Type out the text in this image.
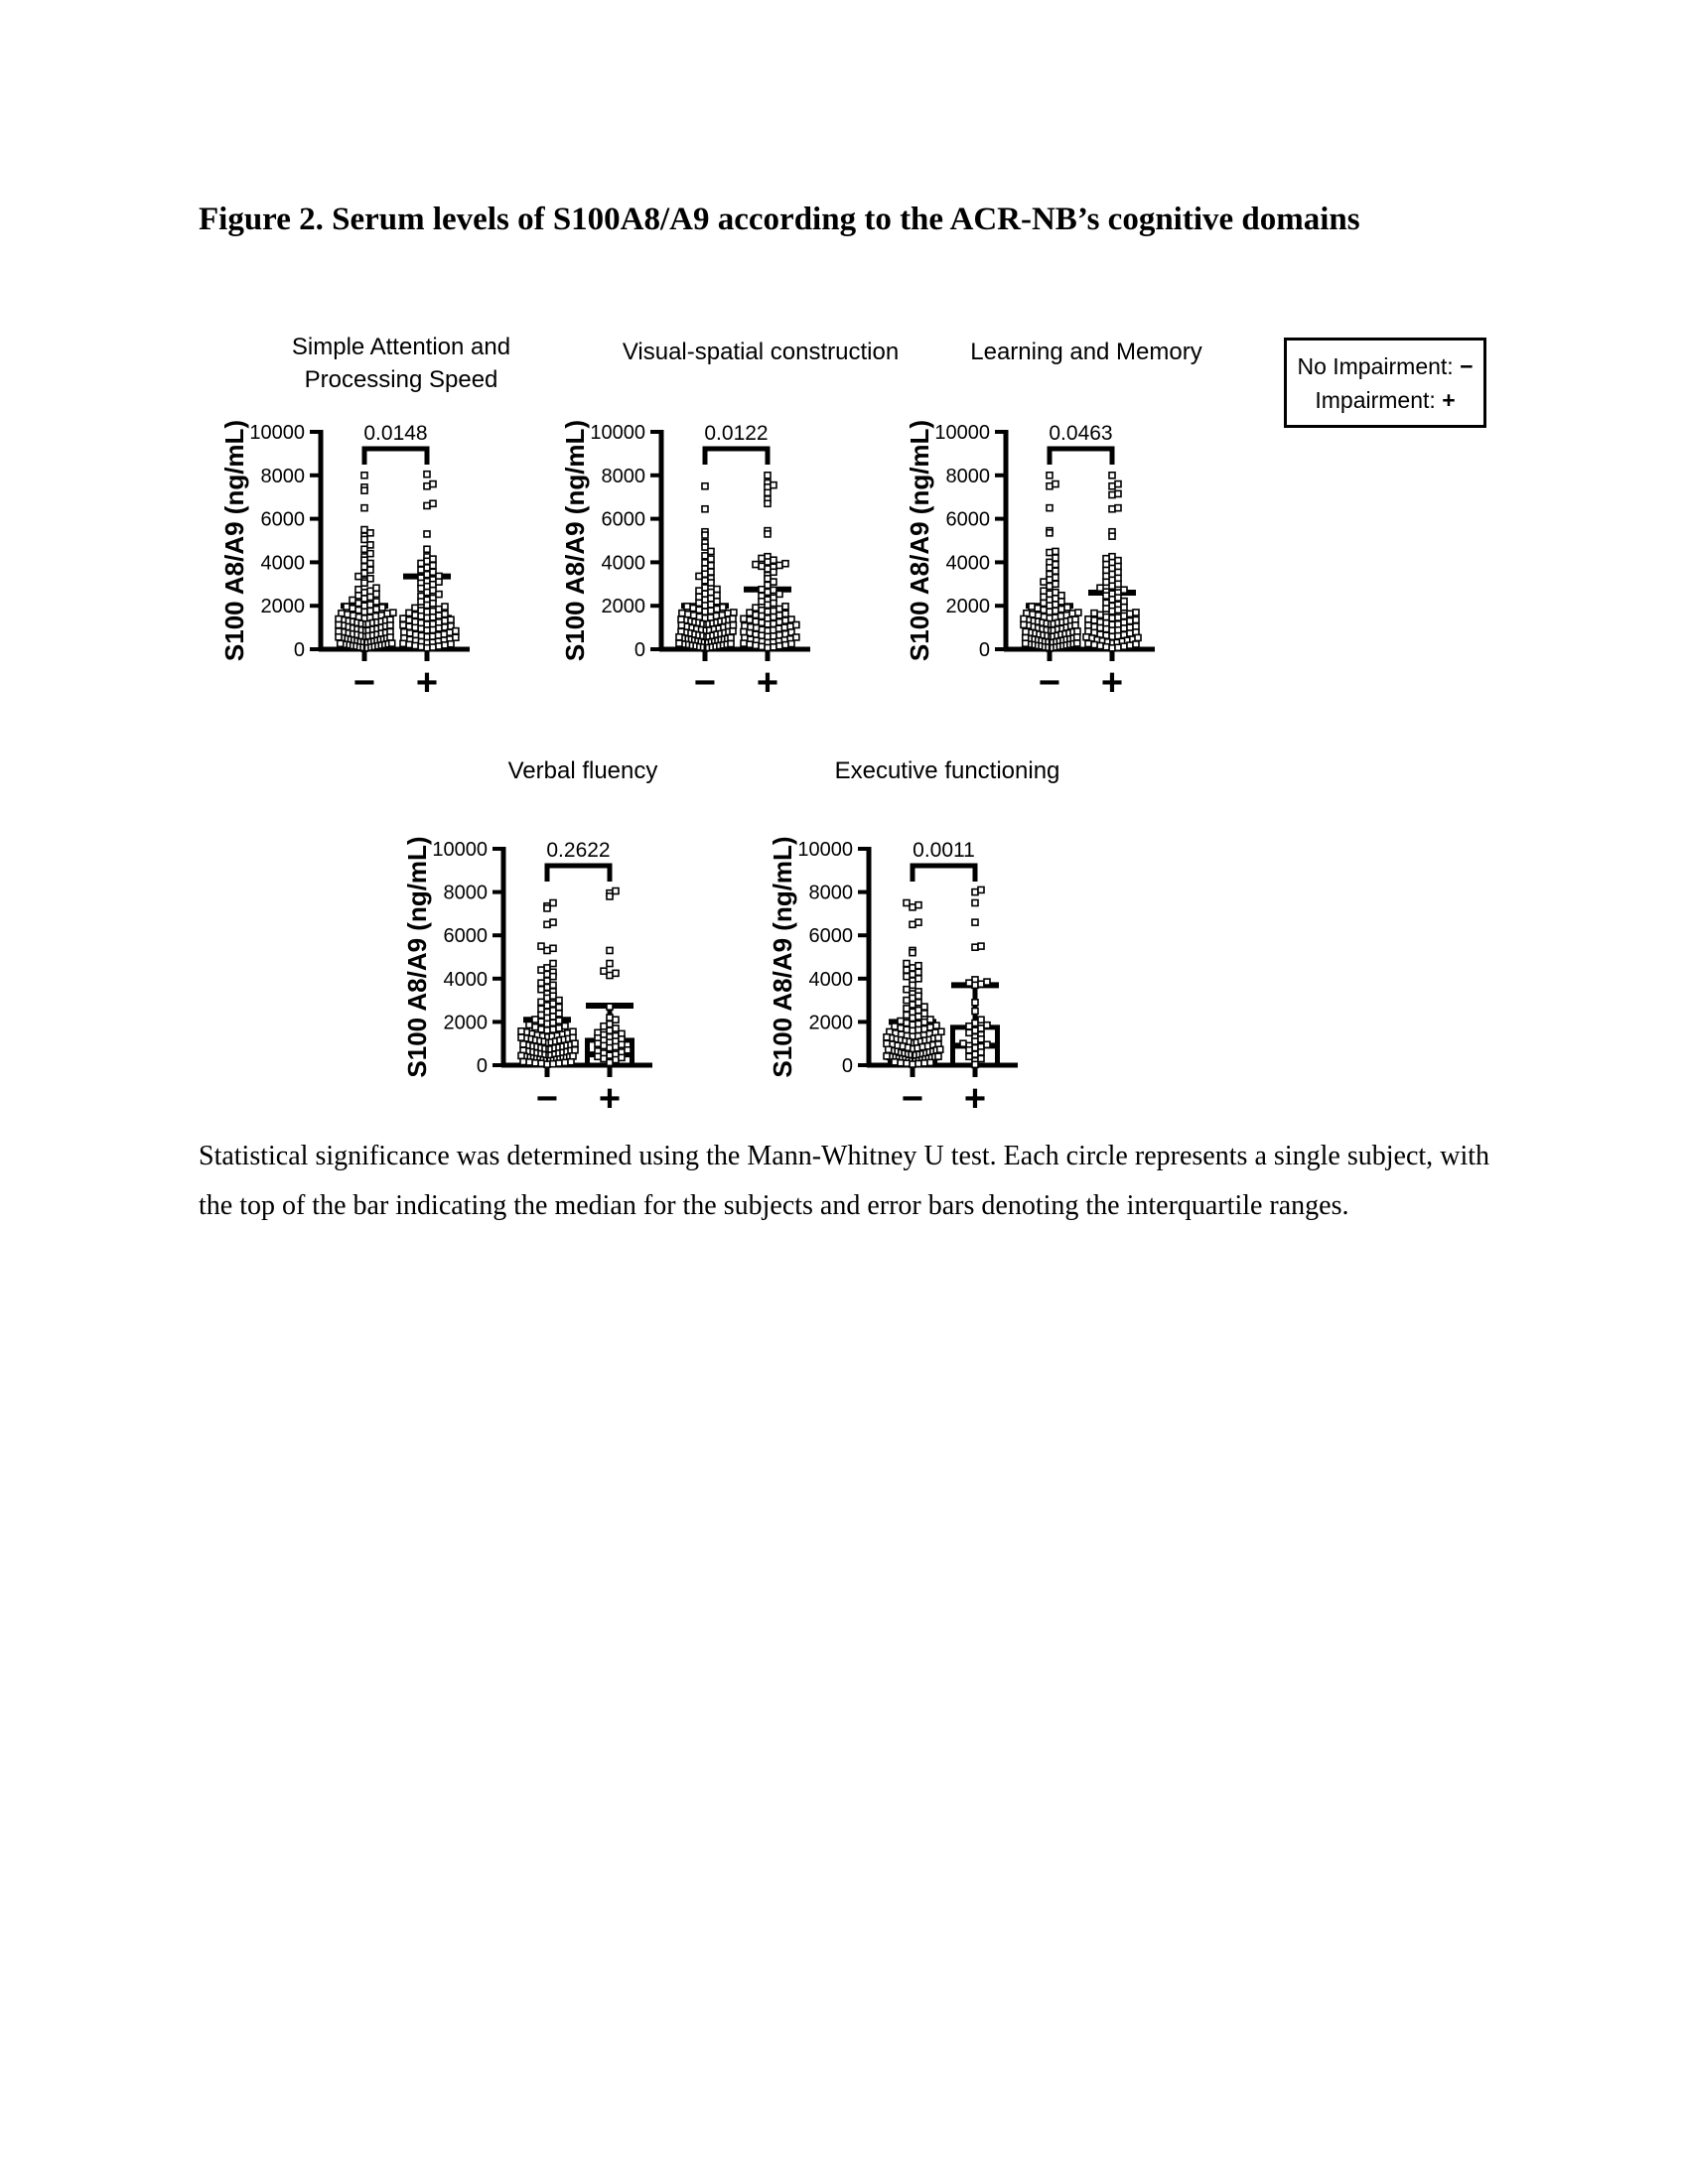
Figure 2. Serum levels of S100A8/A9 according to the ACR-NB’s cognitive domains
Simple Attention and
Processing Speed
S100 A8/A9 (ng/mL) 0
2000
4000
6000
8000
10000
− +
0.0148
Visual-spatial construction
S100 A8/A9 (ng/mL) 0
2000
4000
6000
8000
10000
− +
0.0122
Learning and Memory
S100 A8/A9 (ng/mL) 0
2000
4000
6000
8000
10000
− +
0.0463
Verbal fluency
S100 A8/A9 (ng/mL) 0
2000
4000
6000
8000
10000
− +
0.2622
Executive functioning
S100 A8/A9 (ng/mL) 0
2000
4000
6000
8000
10000
− +
0.0011
No Impairment: −
Impairment: +

Statistical significance was determined using the Mann-Whitney U test. Each circle represents a single subject, with the top of the bar indicating the median for the subjects and error bars denoting the interquartile ranges.
